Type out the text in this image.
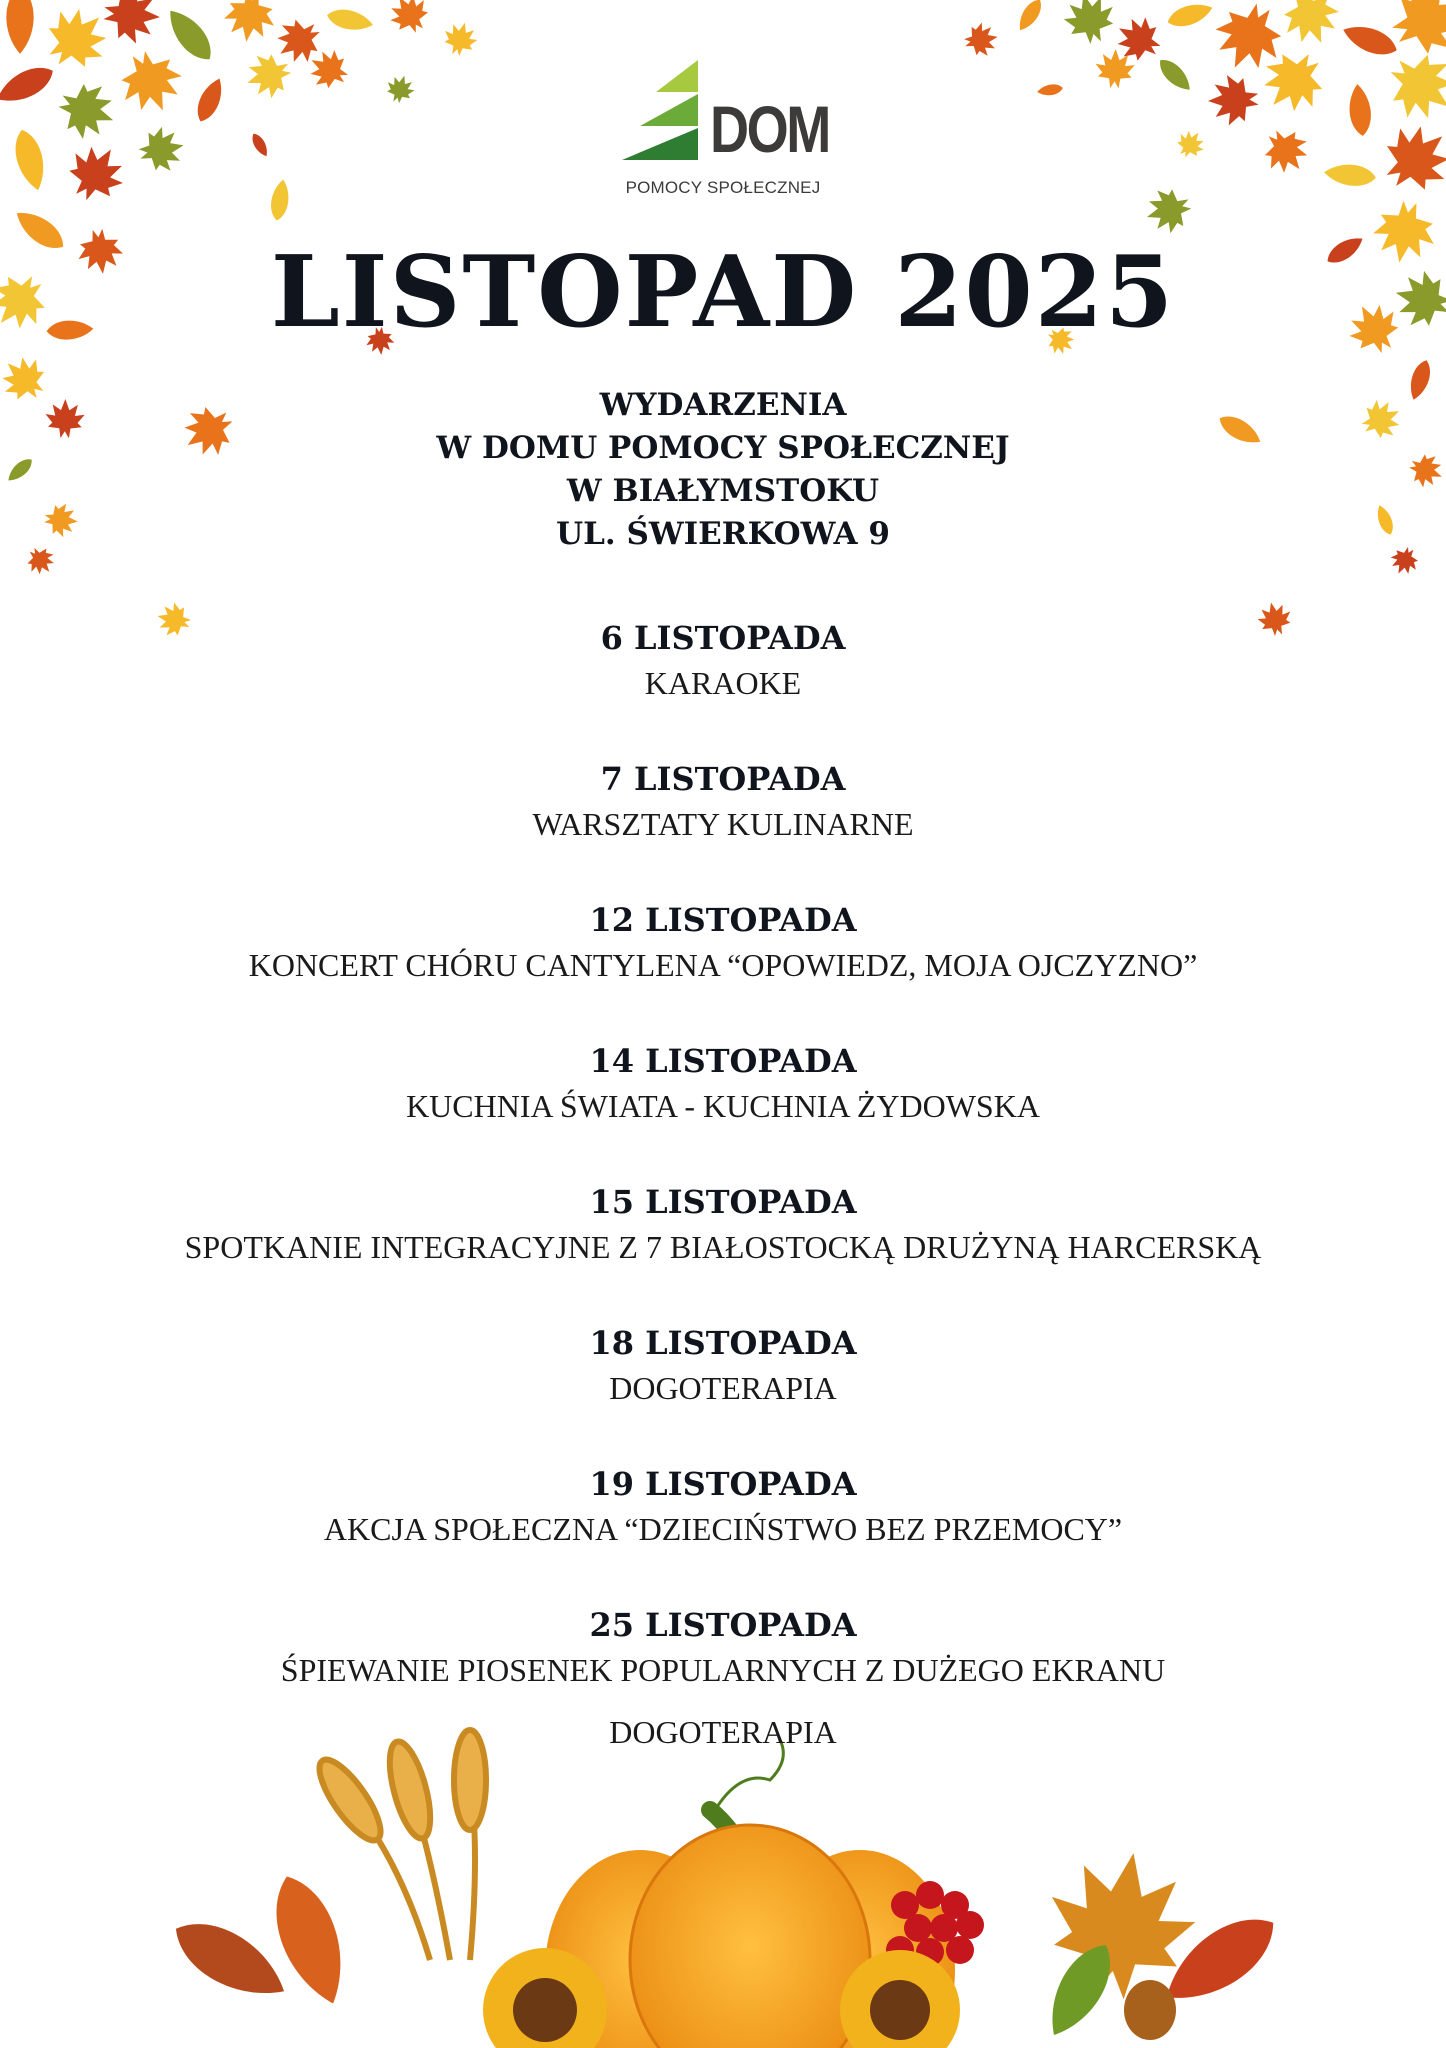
DOM
POMOCY SPOŁECZNEJ
LISTOPAD 2025
WYDARZENIA
W DOMU POMOCY SPOŁECZNEJ
W BIAŁYMSTOKU
UL. ŚWIERKOWA 9
6 LISTOPADA
KARAOKE
7 LISTOPADA
WARSZTATY KULINARNE
12 LISTOPADA
KONCERT CHÓRU CANTYLENA “OPOWIEDZ, MOJA OJCZYZNO”
14 LISTOPADA
KUCHNIA ŚWIATA - KUCHNIA ŻYDOWSKA
15 LISTOPADA
SPOTKANIE INTEGRACYJNE Z 7 BIAŁOSTOCKĄ DRUŻYNĄ HARCERSKĄ
18 LISTOPADA
DOGOTERAPIA
19 LISTOPADA
AKCJA SPOŁECZNA “DZIECIŃSTWO BEZ PRZEMOCY”
25 LISTOPADA
ŚPIEWANIE PIOSENEK POPULARNYCH Z DUŻEGO EKRANU
DOGOTERAPIA
